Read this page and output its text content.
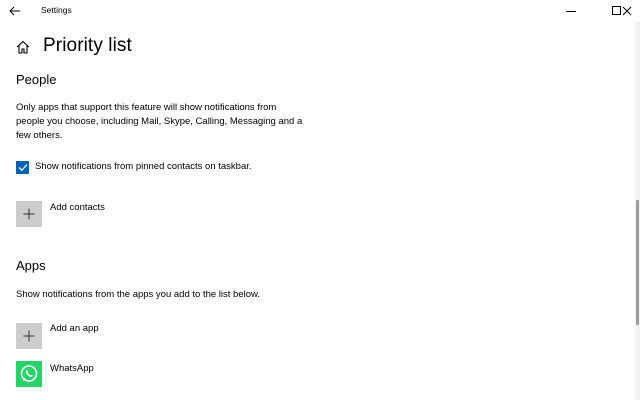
Settings
Priority list
People
Only apps that support this feature will show notifications from
people you choose, including Mail, Skype, Calling, Messaging and a
few others.
Show notifications from pinned contacts on taskbar.
Add contacts
Apps
Show notifications from the apps you add to the list below.
Add an app
WhatsApp
